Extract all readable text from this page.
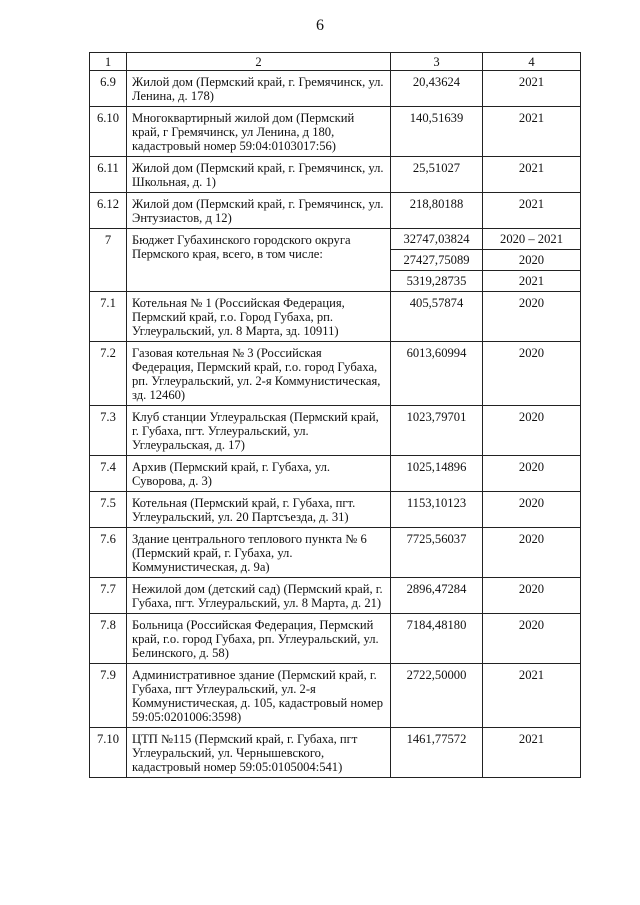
6
1	2	3	4
6.9	Жилой дом (Пермский край, г. Гремячинск, ул. Ленина, д. 178)	20,43624	2021
6.10	Многоквартирный жилой дом (Пермский край, г Гремячинск, ул Ленина, д 180, кадастровый номер 59:04:0103017:56)	140,51639	2021
6.11	Жилой дом (Пермский край, г. Гремячинск, ул. Школьная, д. 1)	25,51027	2021
6.12	Жилой дом (Пермский край, г. Гремячинск, ул. Энтузиастов, д 12)	218,80188	2021
7	Бюджет Губахинского городского округа Пермского края, всего, в том числе:	32747,03824	2020 – 2021
		27427,75089	2020
		5319,28735	2021
7.1	Котельная № 1 (Российская Федерация, Пермский край, г.о. Город Губаха, рп. Углеуральский, ул. 8 Марта, зд. 10911)	405,57874	2020
7.2	Газовая котельная № 3 (Российская Федерация, Пермский край, г.о. город Губаха, рп. Углеуральский, ул. 2-я Коммунистическая, зд. 12460)	6013,60994	2020
7.3	Клуб станции Углеуральская (Пермский край, г. Губаха, пгт. Углеуральский, ул. Углеуральская, д. 17)	1023,79701	2020
7.4	Архив (Пермский край, г. Губаха, ул. Суворова, д. 3)	1025,14896	2020
7.5	Котельная (Пермский край, г. Губаха, пгт. Углеуральский, ул. 20 Партсъезда, д. 31)	1153,10123	2020
7.6	Здание центрального теплового пункта № 6 (Пермский край, г. Губаха, ул. Коммунистическая, д. 9а)	7725,56037	2020
7.7	Нежилой дом (детский сад) (Пермский край, г. Губаха, пгт. Углеуральский, ул. 8 Марта, д. 21)	2896,47284	2020
7.8	Больница (Российская Федерация, Пермский край, г.о. город Губаха, рп. Углеуральский, ул. Белинского, д. 58)	7184,48180	2020
7.9	Административное здание (Пермский край, г. Губаха, пгт Углеуральский, ул. 2-я Коммунистическая, д. 105, кадастровый номер 59:05:0201006:3598)	2722,50000	2021
7.10	ЦТП №115 (Пермский край, г. Губаха, пгт Углеуральский, ул. Чернышевского, кадастровый номер 59:05:0105004:541)	1461,77572	2021
